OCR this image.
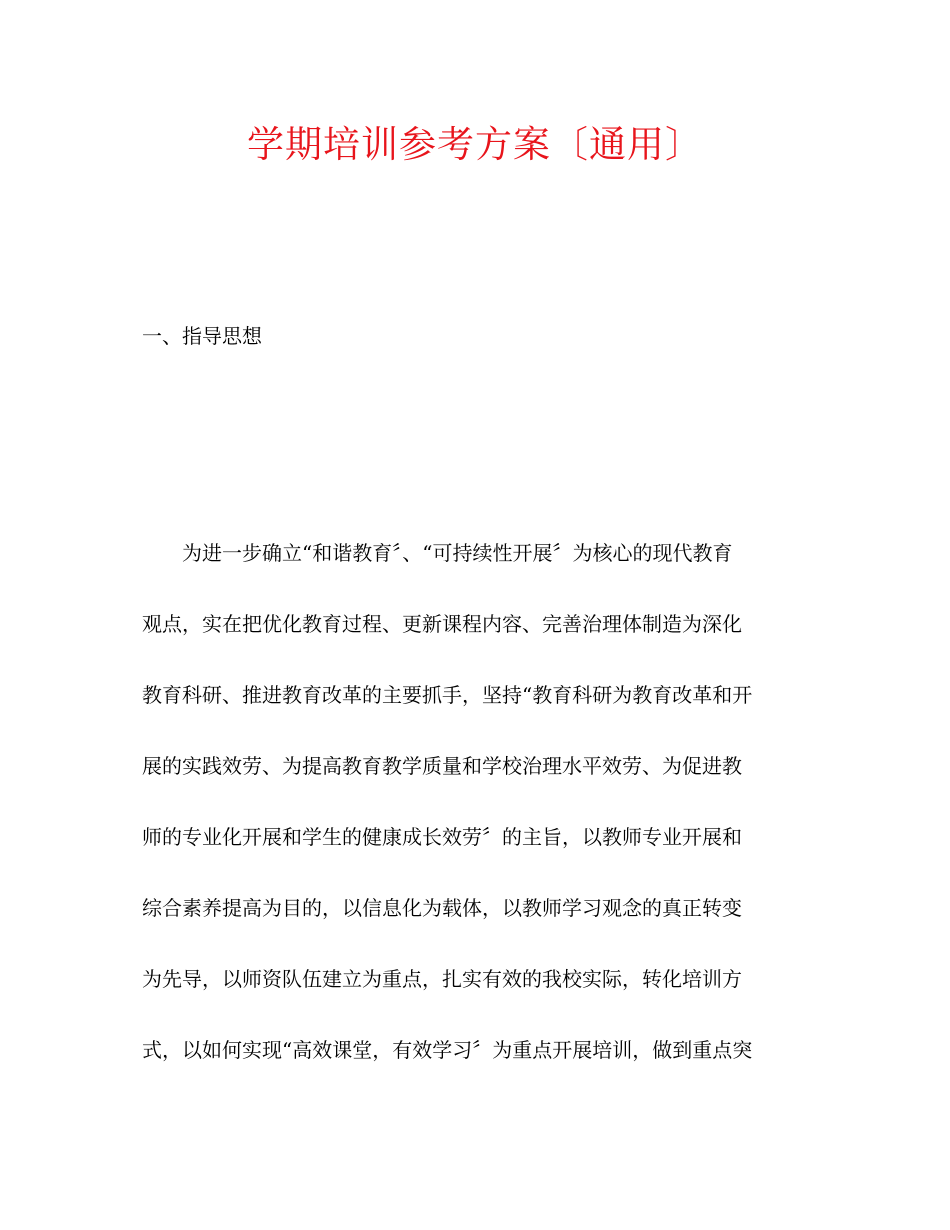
学期培训参考方案〔通用〕
一、指导思想

为进一步确立“和谐教育〞、“可持续性开展〞为核心的现代教育
观点，实在把优化教育过程、更新课程内容、完善治理体制造为深化
教育科研、推进教育改革的主要抓手，坚持“教育科研为教育改革和开
展的实践效劳、为提高教育教学质量和学校治理水平效劳、为促进教
师的专业化开展和学生的健康成长效劳〞的主旨，以教师专业开展和
综合素养提高为目的，以信息化为载体，以教师学习观念的真正转变
为先导，以师资队伍建立为重点，扎实有效的我校实际，转化培训方
式，以如何实现“高效课堂，有效学习〞为重点开展培训，做到重点突
